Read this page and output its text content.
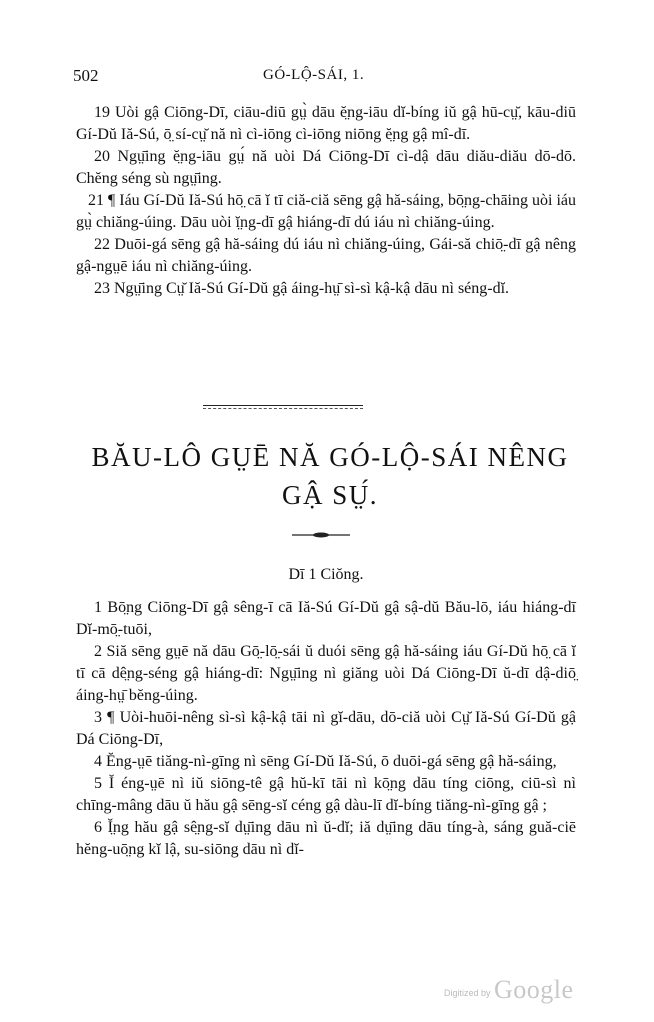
502	GÓ-LỘ-SÁI, 1.

19 Uòi gậ Ciōng-Dī, ciāu-diū gṳ̀ dāu ĕ̤ng-iāu dĭ-bíng iŭ gậ hū-cṳ̆, kāu-diū Gí-Dŭ Iă-Sú, ō̤ sí-cṳ̆ nă nì cì-iōng cì-iōng niōng ĕ̤ng gậ mî-dī.

20 Ngṳ̄ing ĕ̤ng-iāu gṳ́ nă uòi Dá Ciōng-Dī cì-dậ dāu diău-diău dō-dō. Chĕng séng sù ngṳ̄ing.

21 ¶ Iáu Gí-Dŭ Iă-Sú hō̤ cā ĭ tī ciă-ciă sēng gậ hă-sáing, bō̤ng-chāing uòi iáu gṳ̀ chiăng-úing. Dāu uòi ĭ̤ng-dī gậ hiáng-dī dú iáu nì chiăng-úing.

22 Duōi-gá sēng gậ hă-sáing dú iáu nì chiăng-úing, Gái-să chiō̤-dī gậ nêng gậ-ngṳē iáu nì chiăng-úing.

23 Ngṳ̄ing Cṳ̆ Iă-Sú Gí-Dŭ gậ áing-hṳ̄ sì-sì kậ-kậ dāu nì séng-dĭ.

BĂU-LÔ GṲĒ NĂ GÓ-LỘ-SÁI NÊNG
GẬ SṲ́.
Dī 1 Ciŏng.

1 Bō̤ng Ciōng-Dī gậ sêng-ī cā Iă-Sú Gí-Dŭ gậ sậ-dŭ Bău-lō, iáu hiáng-dī Dĭ-mō̤-tuōi,

2 Siă sēng gṳē nă dāu Gō̤-lō̤-sái ŭ duói sēng gậ hă-sáing iáu Gí-Dŭ hō̤ cā ĭ tī cā dê̤ng-séng gậ hiáng-dī: Ngṳ̄ing nì giăng uòi Dá Ciōng-Dī ŭ-dī dậ-diō̤ áing-hṳ̄ bĕng-úing.

3 ¶ Uòi-huōi-nêng sì-sì kậ-kậ tāi nì gĭ-dāu, dō-ciă uòi Cṳ̆ Iă-Sú Gí-Dŭ gậ Dá Ciōng-Dī,

4 Ĕng-ṳē tiăng-nì-gīng nì sēng Gí-Dŭ Iă-Sú, ō duōi-gá sēng gậ hă-sáing,

5 Ĭ éng-ṳē nì iŭ siōng-tê gậ hŭ-kī tāi nì kō̤ng dāu tíng ciōng, ciū-sì nì chīng-mâng dāu ŭ hău gậ sēng-sĭ céng gậ dàu-lī dĭ-bíng tiăng-nì-gīng gậ ;

6 Ĭ̤ng hău gậ sê̤ng-sĭ dṳ̄ing dāu nì ŭ-dĭ; iă dṳ̄ing dāu tíng-à, sáng guă-ciē hĕng-uō̤ng kĭ lậ, su-siōng dāu nì dĭ-

Digitized by Google
